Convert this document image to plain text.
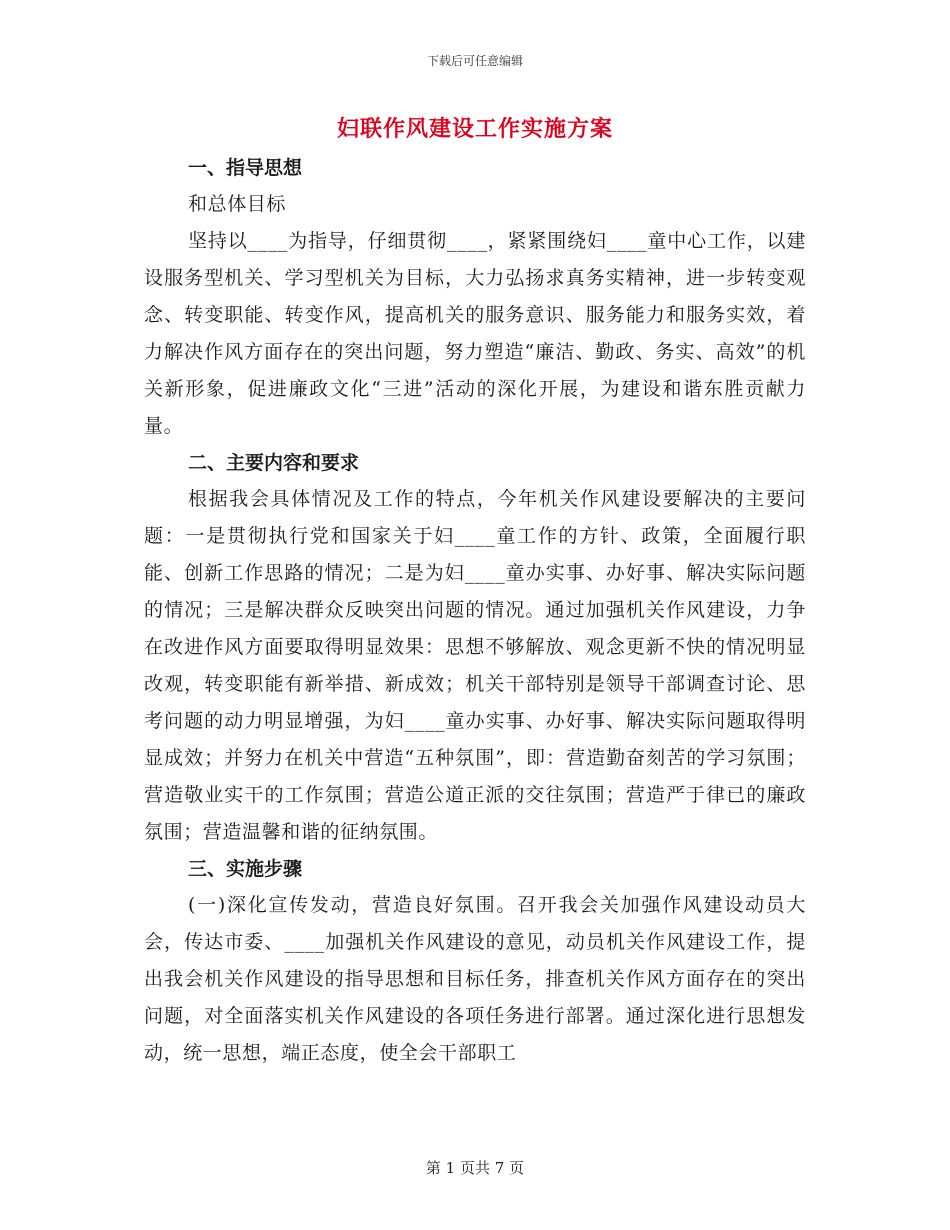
下载后可任意编辑
妇联作风建设工作实施方案

一、指导思想

和总体目标

坚持以____为指导，仔细贯彻____，紧紧围绕妇____童中心工作，以建设服务型机关、学习型机关为目标，大力弘扬求真务实精神，进一步转变观念、转变职能、转变作风，提高机关的服务意识、服务能力和服务实效，着力解决作风方面存在的突出问题，努力塑造“廉洁、勤政、务实、高效”的机关新形象，促进廉政文化“三进”活动的深化开展，为建设和谐东胜贡献力量。

二、主要内容和要求

根据我会具体情况及工作的特点，今年机关作风建设要解决的主要问题：一是贯彻执行党和国家关于妇____童工作的方针、政策，全面履行职能、创新工作思路的情况；二是为妇____童办实事、办好事、解决实际问题的情况；三是解决群众反映突出问题的情况。通过加强机关作风建设，力争在改进作风方面要取得明显效果：思想不够解放、观念更新不快的情况明显改观，转变职能有新举措、新成效；机关干部特别是领导干部调查讨论、思考问题的动力明显增强，为妇____童办实事、办好事、解决实际问题取得明显成效；并努力在机关中营造“五种氛围”，即：营造勤奋刻苦的学习氛围；营造敬业实干的工作氛围；营造公道正派的交往氛围；营造严于律已的廉政氛围；营造温馨和谐的征纳氛围。

三、实施步骤

(一)深化宣传发动，营造良好氛围。召开我会关加强作风建设动员大会，传达市委、____加强机关作风建设的意见，动员机关作风建设工作，提出我会机关作风建设的指导思想和目标任务，排查机关作风方面存在的突出问题，对全面落实机关作风建设的各项任务进行部署。通过深化进行思想发动，统一思想，端正态度，使全会干部职工

第 1 页共 7 页
